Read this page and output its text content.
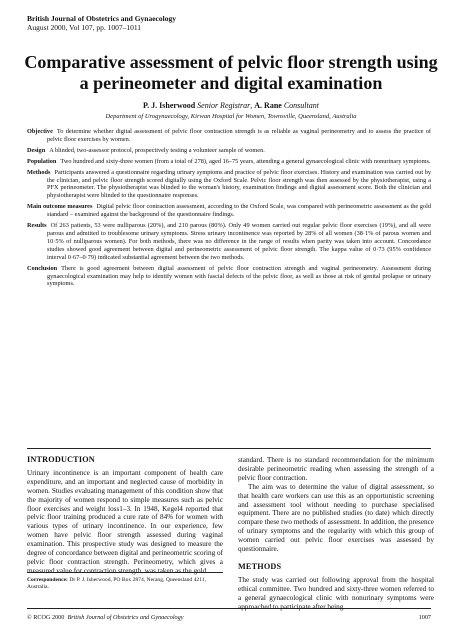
British Journal of Obstetrics and Gynaecology
August 2000, Vol 107, pp. 1007–1011
Comparative assessment of pelvic floor strength using a perineometer and digital examination
P. J. Isherwood Senior Registrar, A. Rane Consultant
Department of Urogynaecology, Kirwan Hospital for Women, Townsville, Queensland, Australia

Objective To determine whether digital assessment of pelvic floor contraction strength is as reliable as vaginal perineometry and to assess the practice of pelvic floor exercises by women.

Design A blinded, two-assessor protocol, prospectively testing a volunteer sample of women.

Population Two hundred and sixty-three women (from a total of 278), aged 16–75 years, attending a general gynaecological clinic with nonurinary symptoms.

Methods Participants answered a questionnaire regarding urinary symptoms and practice of pelvic floor exercises. History and examination was carried out by the clinician, and pelvic floor strength scored digitally using the Oxford Scale. Pelvic floor strength was then assessed by the physiotherapist, using a PFX perineometer. The physiotherapist was blinded to the woman's history, examination findings and digital assessment score. Both the clinician and physiotherapist were blinded to the questionnaire responses.

Main outcome measures Digital pelvic floor contraction assessment, according to the Oxford Scale, was compared with perineometric assessment as the gold standard – examined against the background of the questionnaire findings.

Results Of 263 patients, 53 were nulliparous (20%), and 210 parous (80%). Only 49 women carried out regular pelvic floor exercises (19%), and all were parous and admitted to troublesome urinary symptoms. Stress urinary incontinence was reported by 28% of all women (38·1% of parous women and 10·5% of nulliparous women). For both methods, there was no difference in the range of results when parity was taken into account. Concordance studies showed good agreement between digital and perineometric assessment of pelvic floor strength. The kappa value of 0·73 (95% confidence interval 0·67–0·79) indicated substantial agreement between the two methods.

Conclusion There is good agreement between digital assessment of pelvic floor contraction strength and vaginal perineometry. Assessment during gynaecological examination may help to identify women with fascial defects of the pelvic floor, as well as those at risk of genital prolapse or urinary symptoms.

INTRODUCTION

Urinary incontinence is an important component of health care expenditure, and an important and neglected cause of morbidity in women. Studies evaluating management of this condition show that the majority of women respond to simple measures such as pelvic floor exercises and weight loss1–3. In 1948, Kegel4 reported that pelvic floor training produced a cure rate of 84% for women with various types of urinary incontinence. In our experience, few women have pelvic floor strength assessed during vaginal examination. This prospective study was designed to measure the degree of concordance between digital and perineometric scoring of pelvic floor contraction strength. Perineometry, which gives a measured value for contraction strength, was taken as the gold

standard. There is no standard recommendation for the minimum desirable perineometric reading when assessing the strength of a pelvic floor contraction.

The aim was to determine the value of digital assessment, so that health care workers can use this as an opportunistic screening and assessment tool without needing to purchase specialised equipment. There are no published studies (to date) which directly compare these two methods of assessment. In addition, the presence of urinary symptoms and the regularity with which this group of women carried out pelvic floor exercises was assessed by questionnaire.

METHODS

The study was carried out following approval from the hospital ethical committee. Two hundred and sixty-three women referred to a general gynaecological clinic with nonurinary symptoms were approached to participate after being

Correspondence: Dr P. J. Isherwood, PO Box 2874, Nerang, Queensland 4211, Australia.
© RCOG 2000 British Journal of Obstetrics and Gynaecology	1007
